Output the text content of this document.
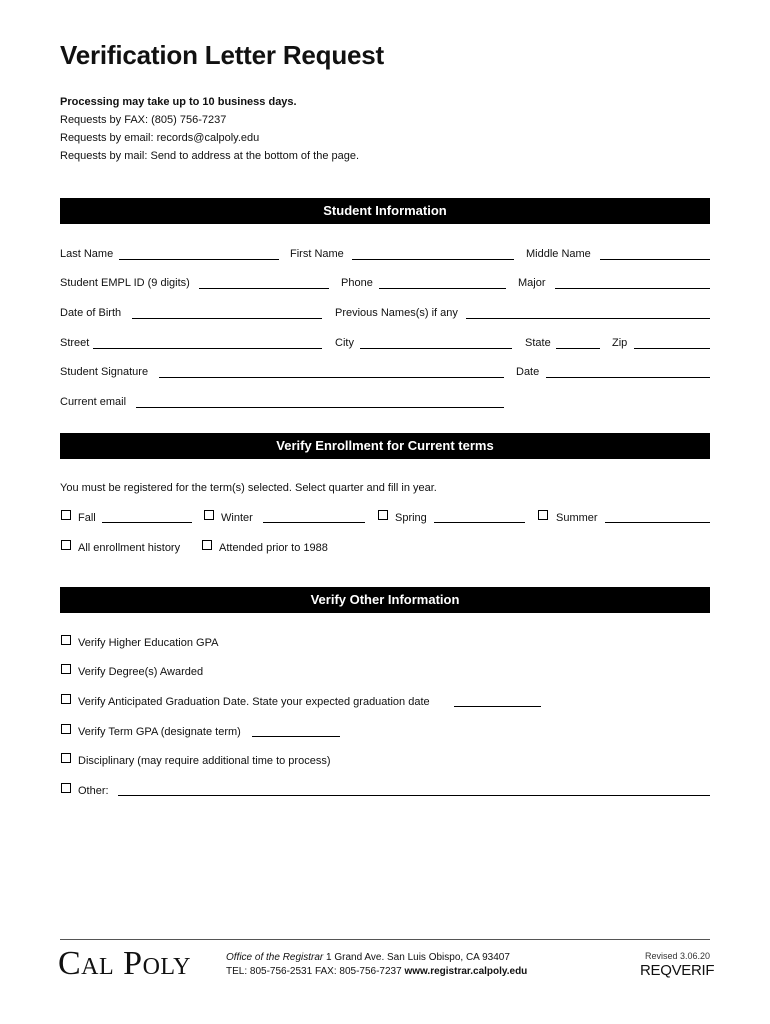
Verification Letter Request
Processing may take up to 10 business days.
Requests by FAX: (805) 756-7237
Requests by email: records@calpoly.edu
Requests by mail: Send to address at the bottom of the page.
Student Information
Last Name	First Name	Middle Name
Student EMPL ID (9 digits)	Phone	Major
Date of Birth	Previous Names(s) if any
Street	City	State	Zip
Student Signature	Date
Current email
Verify Enrollment for Current terms
You must be registered for the term(s) selected. Select quarter and fill in year.
Fall	Winter	Spring	Summer
All enrollment history	Attended prior to 1988
Verify Other Information
Verify Higher Education GPA
Verify Degree(s) Awarded
Verify Anticipated Graduation Date. State your expected graduation date
Verify Term GPA (designate term)
Disciplinary (may require additional time to process)
Other:
Cal Poly	Office of the Registrar 1 Grand Ave. San Luis Obispo, CA 93407
TEL: 805-756-2531 FAX: 805-756-7237 www.registrar.calpoly.edu
Revised 3.06.20
REQVERIF
